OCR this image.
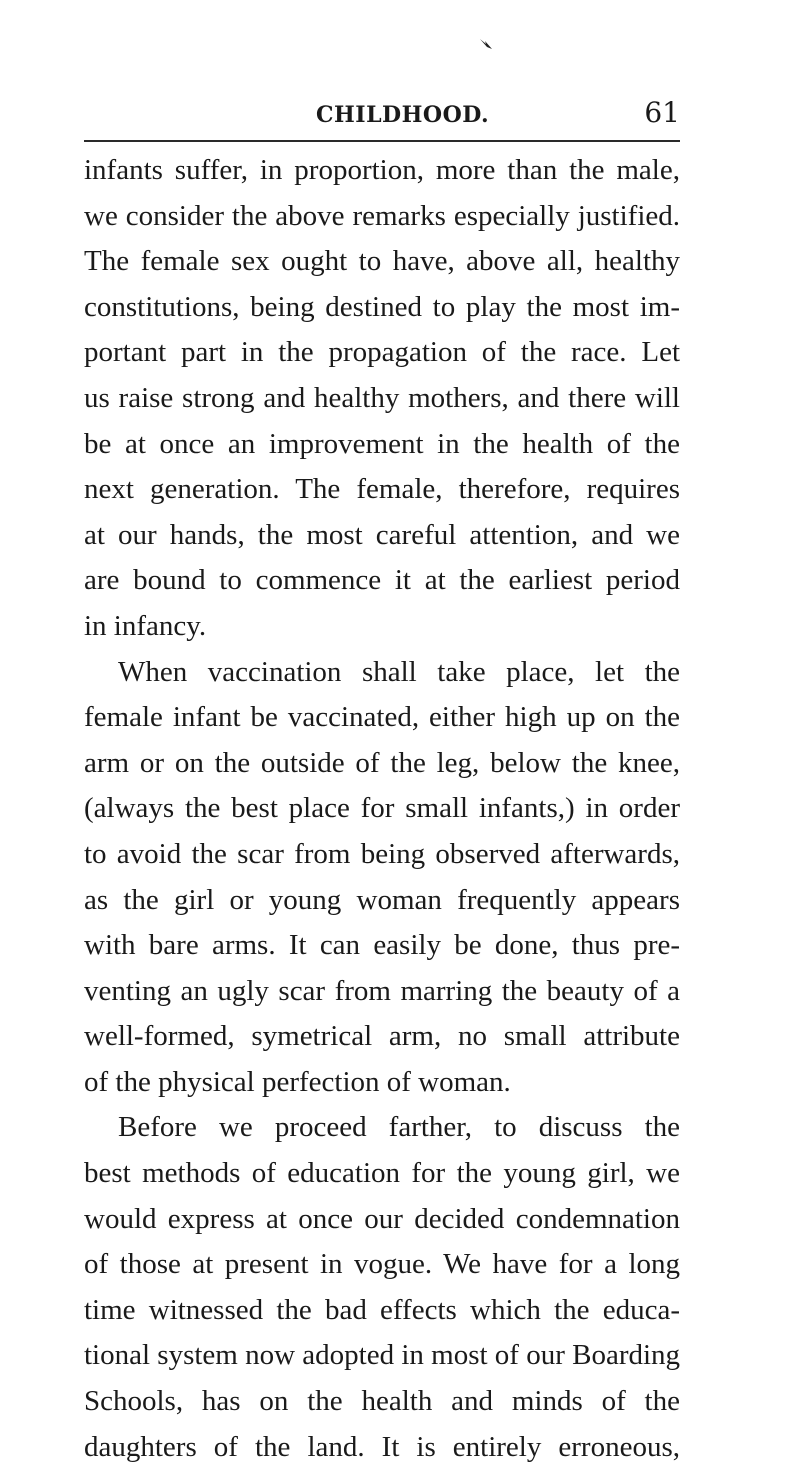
CHILDHOOD.	61
infants suffer, in proportion, more than the male,
we consider the above remarks especially justified.
The female sex ought to have, above all, healthy
constitutions, being destined to play the most im-
portant part in the propagation of the race. Let
us raise strong and healthy mothers, and there will
be at once an improvement in the health of the
next generation. The female, therefore, requires
at our hands, the most careful attention, and we
are bound to commence it at the earliest period
in infancy.
When vaccination shall take place, let the
female infant be vaccinated, either high up on the
arm or on the outside of the leg, below the knee,
(always the best place for small infants,) in order
to avoid the scar from being observed afterwards,
as the girl or young woman frequently appears
with bare arms. It can easily be done, thus pre-
venting an ugly scar from marring the beauty of a
well-formed, symetrical arm, no small attribute
of the physical perfection of woman.
Before we proceed farther, to discuss the
best methods of education for the young girl, we
would express at once our decided condemnation
of those at present in vogue. We have for a long
time witnessed the bad effects which the educa-
tional system now adopted in most of our Boarding
Schools, has on the health and minds of the
daughters of the land. It is entirely erroneous,
